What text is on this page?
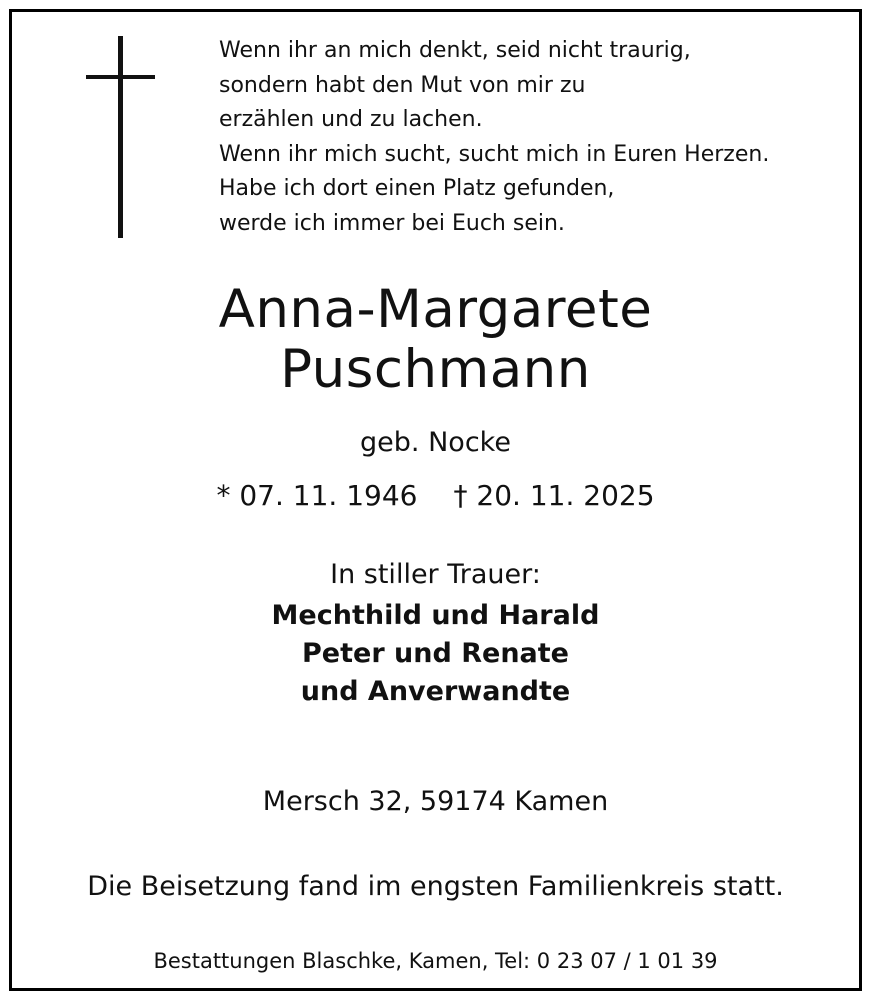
Wenn ihr an mich denkt, seid nicht traurig,
sondern habt den Mut von mir zu
erzählen und zu lachen.
Wenn ihr mich sucht, sucht mich in Euren Herzen.
Habe ich dort einen Platz gefunden,
werde ich immer bei Euch sein.
Anna-Margarete
Puschmann
geb. Nocke
* 07. 11. 1946 † 20. 11. 2025
In stiller Trauer:
Mechthild und Harald
Peter und Renate
und Anverwandte
Mersch 32, 59174 Kamen
Die Beisetzung fand im engsten Familienkreis statt.
Bestattungen Blaschke, Kamen, Tel: 0 23 07 / 1 01 39
